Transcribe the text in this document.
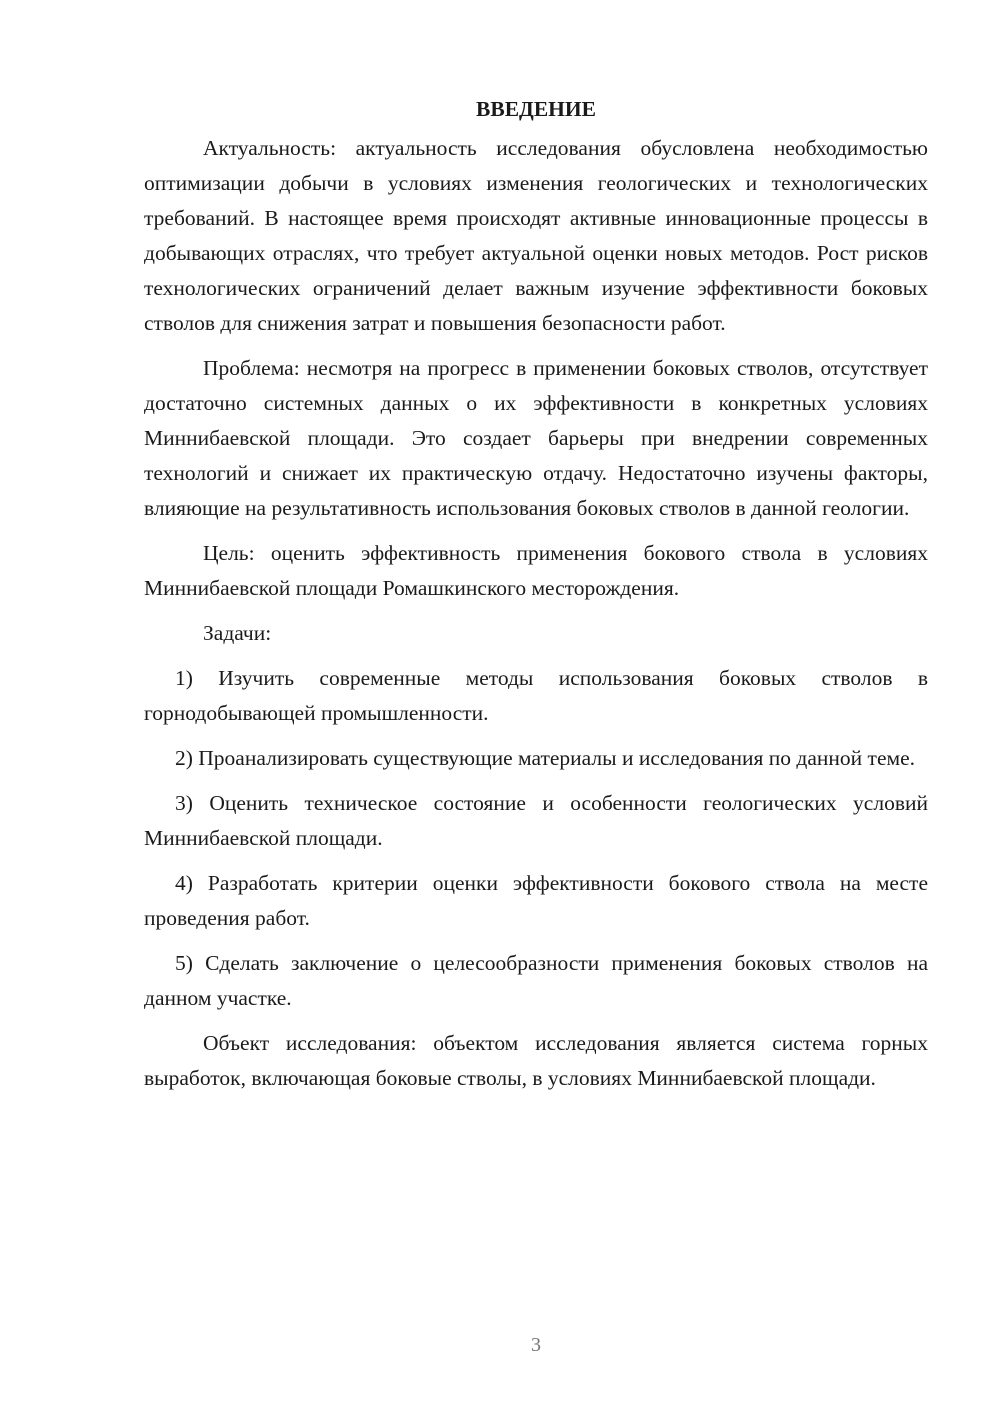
ВВЕДЕНИЕ

Актуальность: актуальность исследования обусловлена необходимостью оптимизации добычи в условиях изменения геологических и технологических требований. В настоящее время происходят активные инновационные процессы в добывающих отраслях, что требует актуальной оценки новых методов. Рост рисков технологических ограничений делает важным изучение эффективности боковых стволов для снижения затрат и повышения безопасности работ.

Проблема: несмотря на прогресс в применении боковых стволов, отсутствует достаточно системных данных о их эффективности в конкретных условиях Миннибаевской площади. Это создает барьеры при внедрении современных технологий и снижает их практическую отдачу. Недостаточно изучены факторы, влияющие на результативность использования боковых стволов в данной геологии.

Цель: оценить эффективность применения бокового ствола в условиях Миннибаевской площади Ромашкинского месторождения.

Задачи:

1) Изучить современные методы использования боковых стволов в горнодобывающей промышленности.

2) Проанализировать существующие материалы и исследования по данной теме.

3) Оценить техническое состояние и особенности геологических условий Миннибаевской площади.

4) Разработать критерии оценки эффективности бокового ствола на месте проведения работ.

5) Сделать заключение о целесообразности применения боковых стволов на данном участке.

Объект исследования: объектом исследования является система горных выработок, включающая боковые стволы, в условиях Миннибаевской площади.

3
